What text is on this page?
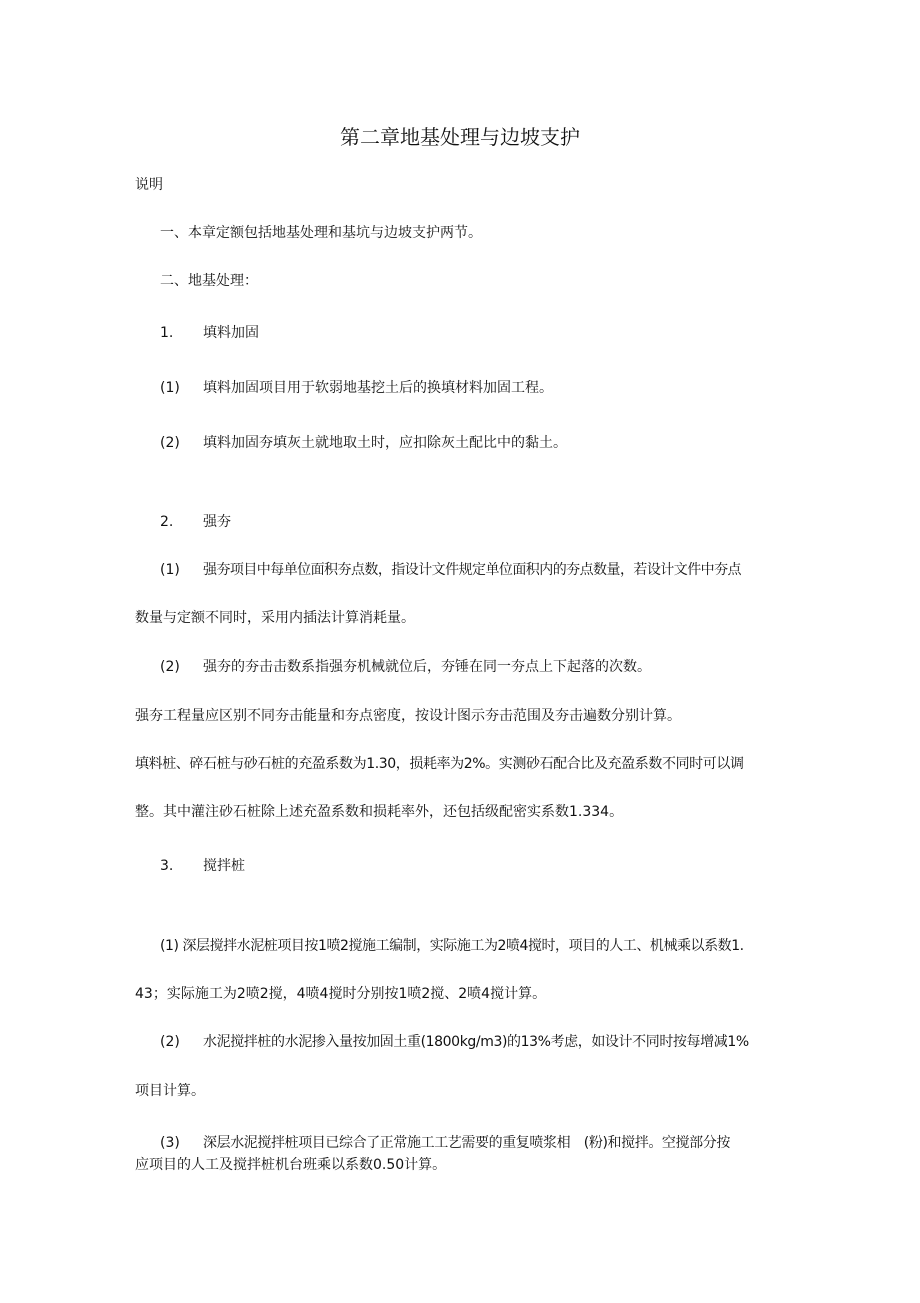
第二章地基处理与边坡支护
说明
一、本章定额包括地基处理和基坑与边坡支护两节。
二、地基处理：
1. 填料加固
(1) 填料加固项目用于软弱地基挖土后的换填材料加固工程。
(2) 填料加固夯填灰土就地取土时，应扣除灰土配比中的黏土。
2. 强夯
(1) 强夯项目中每单位面积夯点数，指设计文件规定单位面积内的夯点数量，若设计文件中夯点
数量与定额不同时，采用内插法计算消耗量。
(2) 强夯的夯击击数系指强夯机械就位后，夯锤在同一夯点上下起落的次数。
强夯工程量应区别不同夯击能量和夯点密度，按设计图示夯击范围及夯击遍数分别计算。
填料桩、碎石桩与砂石桩的充盈系数为1.30，损耗率为2%。实测砂石配合比及充盈系数不同时可以调
整。其中灌注砂石桩除上述充盈系数和损耗率外，还包括级配密实系数1.334。
3. 搅拌桩
(1) 深层搅拌水泥桩项目按1喷2搅施工编制，实际施工为2喷4搅时，项目的人工、机械乘以系数1.
43；实际施工为2喷2搅，4喷4搅时分别按1喷2搅、2喷4搅计算。
(2) 水泥搅拌桩的水泥掺入量按加固土重(1800kg/m3)的13%考虑，如设计不同时按每增减1%
项目计算。
(3) 深层水泥搅拌桩项目已综合了正常施工工艺需要的重复喷浆相　(粉)和搅拌。空搅部分按
应项目的人工及搅拌桩机台班乘以系数0.50计算。
